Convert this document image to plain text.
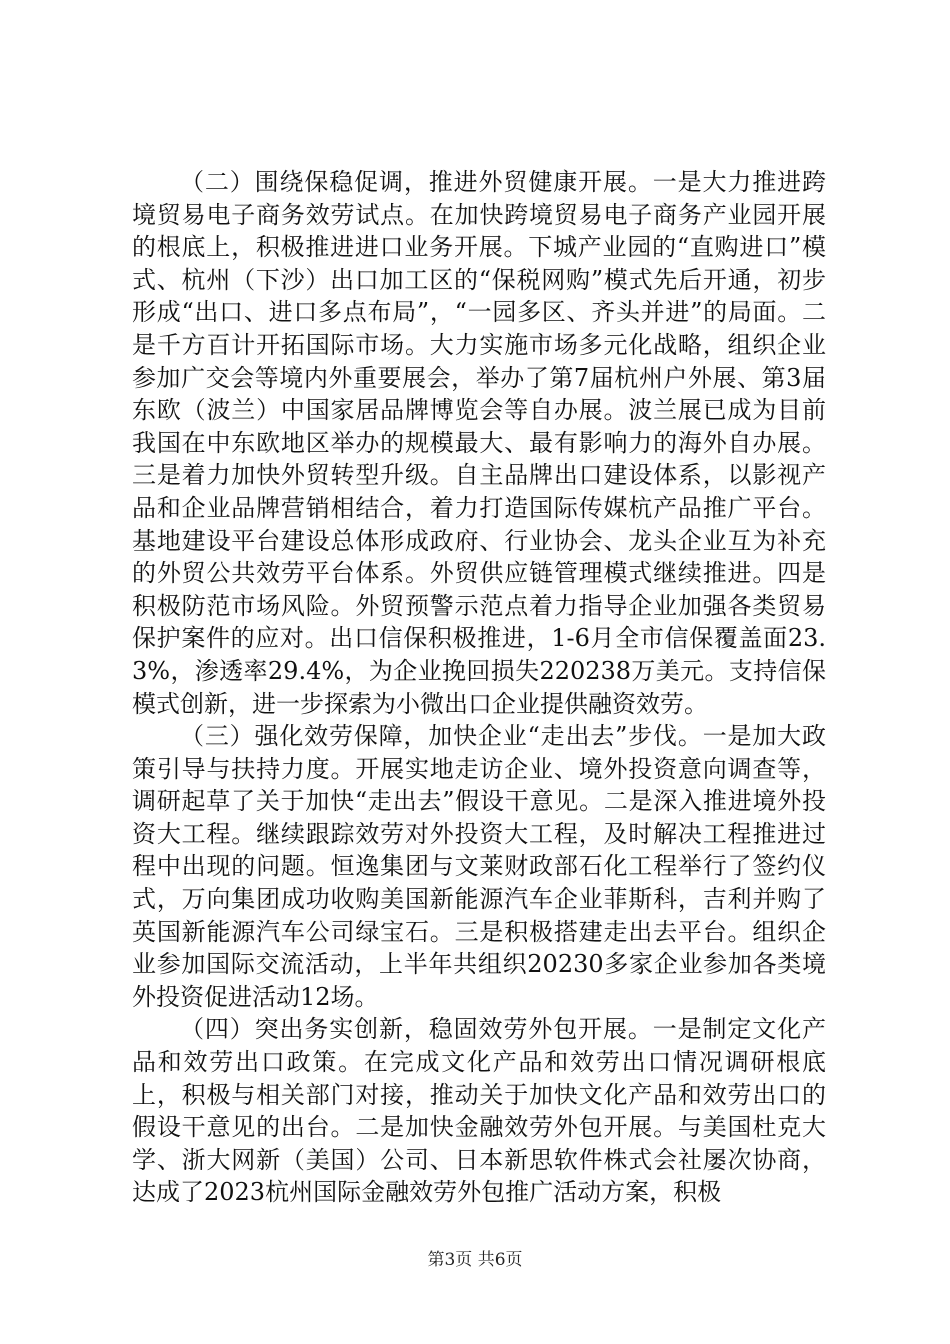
（二）围绕保稳促调，推进外贸健康开展。一是大力推进跨境贸易电子商务效劳试点。在加快跨境贸易电子商务产业园开展的根底上，积极推进进口业务开展。下城产业园的“直购进口”模式、杭州（下沙）出口加工区的“保税网购”模式先后开通，初步形成“出口、进口多点布局”，“一园多区、齐头并进”的局面。二是千方百计开拓国际市场。大力实施市场多元化战略，组织企业参加广交会等境内外重要展会，举办了第7届杭州户外展、第3届东欧（波兰）中国家居品牌博览会等自办展。波兰展已成为目前我国在中东欧地区举办的规模最大、最有影响力的海外自办展。三是着力加快外贸转型升级。自主品牌出口建设体系，以影视产品和企业品牌营销相结合，着力打造国际传媒杭产品推广平台。基地建设平台建设总体形成政府、行业协会、龙头企业互为补充的外贸公共效劳平台体系。外贸供应链管理模式继续推进。四是积极防范市场风险。外贸预警示范点着力指导企业加强各类贸易保护案件的应对。出口信保积极推进，1-6月全市信保覆盖面23.3%，渗透率29.4%，为企业挽回损失220238万美元。支持信保模式创新，进一步探索为小微出口企业提供融资效劳。

（三）强化效劳保障，加快企业“走出去”步伐。一是加大政策引导与扶持力度。开展实地走访企业、境外投资意向调查等，调研起草了关于加快“走出去”假设干意见。二是深入推进境外投资大工程。继续跟踪效劳对外投资大工程，及时解决工程推进过程中出现的问题。恒逸集团与文莱财政部石化工程举行了签约仪式，万向集团成功收购美国新能源汽车企业菲斯科，吉利并购了英国新能源汽车公司绿宝石。三是积极搭建走出去平台。组织企业参加国际交流活动，上半年共组织20230多家企业参加各类境外投资促进活动12场。

（四）突出务实创新，稳固效劳外包开展。一是制定文化产品和效劳出口政策。在完成文化产品和效劳出口情况调研根底上，积极与相关部门对接，推动关于加快文化产品和效劳出口的假设干意见的出台。二是加快金融效劳外包开展。与美国杜克大学、浙大网新（美国）公司、日本新思软件株式会社屡次协商，达成了2023杭州国际金融效劳外包推广活动方案，积极

第3页 共6页
